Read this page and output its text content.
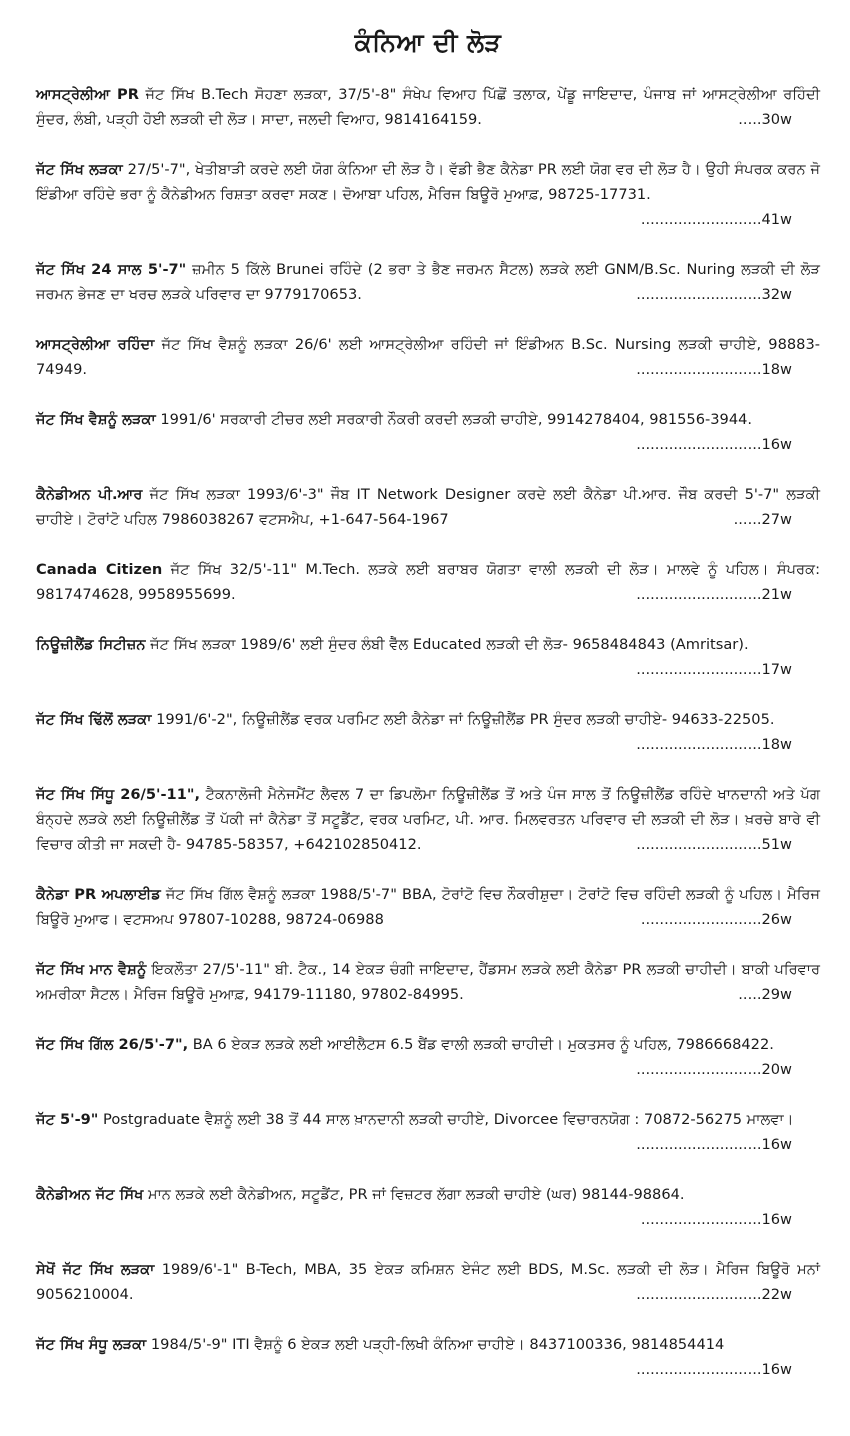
ਕੰਨਿਆ ਦੀ ਲੋੜ
ਆਸਟ੍ਰੇਲੀਆ PR ਜੱਟ ਸਿੱਖ B.Tech ਸੋਹਣਾ ਲੜਕਾ, 37/5'-8" ਸੰਖੇਪ ਵਿਆਹ ਪਿੱਛੋਂ ਤਲਾਕ, ਪੇਂਡੂ ਜਾਇਦਾਦ, ਪੰਜਾਬ ਜਾਂ ਆਸਟ੍ਰੇਲੀਆ ਰਹਿੰਦੀ ਸੁੰਦਰ, ਲੰਬੀ, ਪੜ੍ਹੀ ਹੋਈ ਲੜਕੀ ਦੀ ਲੋੜ। ਸਾਦਾ, ਜਲਦੀ ਵਿਆਹ, 9814164159.	.....30w
ਜੱਟ ਸਿੱਖ ਲੜਕਾ 27/5'-7", ਖੇਤੀਬਾੜੀ ਕਰਦੇ ਲਈ ਯੋਗ ਕੰਨਿਆ ਦੀ ਲੋੜ ਹੈ। ਵੱਡੀ ਭੈਣ ਕੈਨੇਡਾ PR ਲਈ ਯੋਗ ਵਰ ਦੀ ਲੋੜ ਹੈ। ਉਹੀ ਸੰਪਰਕ ਕਰਨ ਜੋ ਇੰਡੀਆ ਰਹਿੰਦੇ ਭਰਾ ਨੂੰ ਕੈਨੇਡੀਅਨ ਰਿਸ਼ਤਾ ਕਰਵਾ ਸਕਣ। ਦੋਆਬਾ ਪਹਿਲ, ਮੈਰਿਜ ਬਿਊਰੋ ਮੁਆਫ਼, 98725-17731.
..........................41w
ਜੱਟ ਸਿੱਖ 24 ਸਾਲ 5'-7" ਜ਼ਮੀਨ 5 ਕਿੱਲੇ Brunei ਰਹਿੰਦੇ (2 ਭਰਾ ਤੇ ਭੈਣ ਜਰਮਨ ਸੈਟਲ) ਲੜਕੇ ਲਈ GNM/B.Sc. Nuring ਲੜਕੀ ਦੀ ਲੋੜ ਜਰਮਨ ਭੇਜਣ ਦਾ ਖਰਚ ਲੜਕੇ ਪਰਿਵਾਰ ਦਾ 9779170653.	...........................32w
ਆਸਟ੍ਰੇਲੀਆ ਰਹਿੰਦਾ ਜੱਟ ਸਿੱਖ ਵੈਸ਼ਨੂੰ ਲੜਕਾ 26/6' ਲਈ ਆਸਟ੍ਰੇਲੀਆ ਰਹਿੰਦੀ ਜਾਂ ਇੰਡੀਅਨ B.Sc. Nursing ਲੜਕੀ ਚਾਹੀਏ, 98883-74949.	...........................18w
ਜੱਟ ਸਿੱਖ ਵੈਸ਼ਨੂੰ ਲੜਕਾ 1991/6' ਸਰਕਾਰੀ ਟੀਚਰ ਲਈ ਸਰਕਾਰੀ ਨੌਕਰੀ ਕਰਦੀ ਲੜਕੀ ਚਾਹੀਏ, 9914278404, 981556-3944.
...........................16w
ਕੈਨੇਡੀਅਨ ਪੀ.ਆਰ ਜੱਟ ਸਿੱਖ ਲੜਕਾ 1993/6'-3" ਜੌਬ IT Network Designer ਕਰਦੇ ਲਈ ਕੈਨੇਡਾ ਪੀ.ਆਰ. ਜੌਬ ਕਰਦੀ 5'-7" ਲੜਕੀ ਚਾਹੀਏ। ਟੋਰਾਂਟੋ ਪਹਿਲ 7986038267 ਵਟਸਐਪ, +1-647-564-1967	......27w
Canada Citizen ਜੱਟ ਸਿੱਖ 32/5'-11" M.Tech. ਲੜਕੇ ਲਈ ਬਰਾਬਰ ਯੋਗਤਾ ਵਾਲੀ ਲੜਕੀ ਦੀ ਲੋੜ। ਮਾਲਵੇ ਨੂੰ ਪਹਿਲ। ਸੰਪਰਕ: 9817474628, 9958955699.	...........................21w
ਨਿਊਜ਼ੀਲੈਂਡ ਸਿਟੀਜ਼ਨ ਜੱਟ ਸਿੱਖ ਲੜਕਾ 1989/6' ਲਈ ਸੁੰਦਰ ਲੰਬੀ ਵੈੱਲ Educated ਲੜਕੀ ਦੀ ਲੋੜ- 9658484843 (Amritsar).
...........................17w
ਜੱਟ ਸਿੱਖ ਢਿੱਲੋਂ ਲੜਕਾ 1991/6'-2", ਨਿਊਜ਼ੀਲੈਂਡ ਵਰਕ ਪਰਮਿਟ ਲਈ ਕੈਨੇਡਾ ਜਾਂ ਨਿਊਜ਼ੀਲੈਂਡ PR ਸੁੰਦਰ ਲੜਕੀ ਚਾਹੀਏ- 94633-22505.
...........................18w
ਜੱਟ ਸਿੱਖ ਸਿੱਧੂ 26/5'-11", ਟੈਕਨਾਲੋਜੀ ਮੈਨੇਜਮੈਂਟ ਲੈਵਲ 7 ਦਾ ਡਿਪਲੋਮਾ ਨਿਊਜ਼ੀਲੈਂਡ ਤੋਂ ਅਤੇ ਪੰਜ ਸਾਲ ਤੋਂ ਨਿਊਜ਼ੀਲੈਂਡ ਰਹਿੰਦੇ ਖਾਨਦਾਨੀ ਅਤੇ ਪੱਗ ਬੰਨ੍ਹਦੇ ਲੜਕੇ ਲਈ ਨਿਊਜ਼ੀਲੈਂਡ ਤੋਂ ਪੱਕੀ ਜਾਂ ਕੈਨੇਡਾ ਤੋਂ ਸਟੂਡੈਂਟ, ਵਰਕ ਪਰਮਿਟ, ਪੀ. ਆਰ. ਮਿਲਵਰਤਨ ਪਰਿਵਾਰ ਦੀ ਲੜਕੀ ਦੀ ਲੋੜ। ਖ਼ਰਚੇ ਬਾਰੇ ਵੀ ਵਿਚਾਰ ਕੀਤੀ ਜਾ ਸਕਦੀ ਹੈ- 94785-58357, +642102850412.	...........................51w
ਕੈਨੇਡਾ PR ਅਪਲਾਈਡ ਜੱਟ ਸਿੱਖ ਗਿੱਲ ਵੈਸ਼ਨੂੰ ਲੜਕਾ 1988/5'-7" BBA, ਟੋਰਾਂਟੋ ਵਿਚ ਨੌਕਰੀਸ਼ੁਦਾ। ਟੋਰਾਂਟੋ ਵਿਚ ਰਹਿੰਦੀ ਲੜਕੀ ਨੂੰ ਪਹਿਲ। ਮੈਰਿਜ ਬਿਊਰੋ ਮੁਆਫ। ਵਟਸਅਪ 97807-10288, 98724-06988	..........................26w
ਜੱਟ ਸਿੱਖ ਮਾਨ ਵੈਸ਼ਨੂੰ ਇਕਲੌਤਾ 27/5'-11" ਬੀ. ਟੈਕ., 14 ਏਕੜ ਚੰਗੀ ਜਾਇਦਾਦ, ਹੈਂਡਸਮ ਲੜਕੇ ਲਈ ਕੈਨੇਡਾ PR ਲੜਕੀ ਚਾਹੀਦੀ। ਬਾਕੀ ਪਰਿਵਾਰ ਅਮਰੀਕਾ ਸੈਟਲ। ਮੈਰਿਜ ਬਿਊਰੋ ਮੁਆਫ਼, 94179-11180, 97802-84995.	.....29w
ਜੱਟ ਸਿੱਖ ਗਿੱਲ 26/5'-7", BA 6 ਏਕੜ ਲੜਕੇ ਲਈ ਆਈਲੈਟਸ 6.5 ਬੈਂਡ ਵਾਲੀ ਲੜਕੀ ਚਾਹੀਦੀ। ਮੁਕਤਸਰ ਨੂੰ ਪਹਿਲ, 7986668422.
...........................20w
ਜੱਟ 5'-9" Postgraduate ਵੈਸ਼ਨੂੰ ਲਈ 38 ਤੋਂ 44 ਸਾਲ ਖ਼ਾਨਦਾਨੀ ਲੜਕੀ ਚਾਹੀਏ, Divorcee ਵਿਚਾਰਨਯੋਗ : 70872-56275 ਮਾਲਵਾ।
...........................16w
ਕੈਨੇਡੀਅਨ ਜੱਟ ਸਿੱਖ ਮਾਨ ਲੜਕੇ ਲਈ ਕੈਨੇਡੀਅਨ, ਸਟੂਡੈਂਟ, PR ਜਾਂ ਵਿਜ਼ਟਰ ਲੱਗਾ ਲੜਕੀ ਚਾਹੀਏ (ਘਰ) 98144-98864.
..........................16w
ਸੇਖੋਂ ਜੱਟ ਸਿੱਖ ਲੜਕਾ 1989/6'-1" B-Tech, MBA, 35 ਏਕੜ ਕਮਿਸ਼ਨ ਏਜੰਟ ਲਈ BDS, M.Sc. ਲੜਕੀ ਦੀ ਲੋੜ। ਮੈਰਿਜ ਬਿਊਰੋ ਮਨਾਂ 9056210004.	...........................22w
ਜੱਟ ਸਿੱਖ ਸੰਧੂ ਲੜਕਾ 1984/5'-9" ITI ਵੈਸ਼ਨੂੰ 6 ਏਕੜ ਲਈ ਪੜ੍ਹੀ-ਲਿਖੀ ਕੰਨਿਆ ਚਾਹੀਏ। 8437100336, 9814854414
...........................16w
